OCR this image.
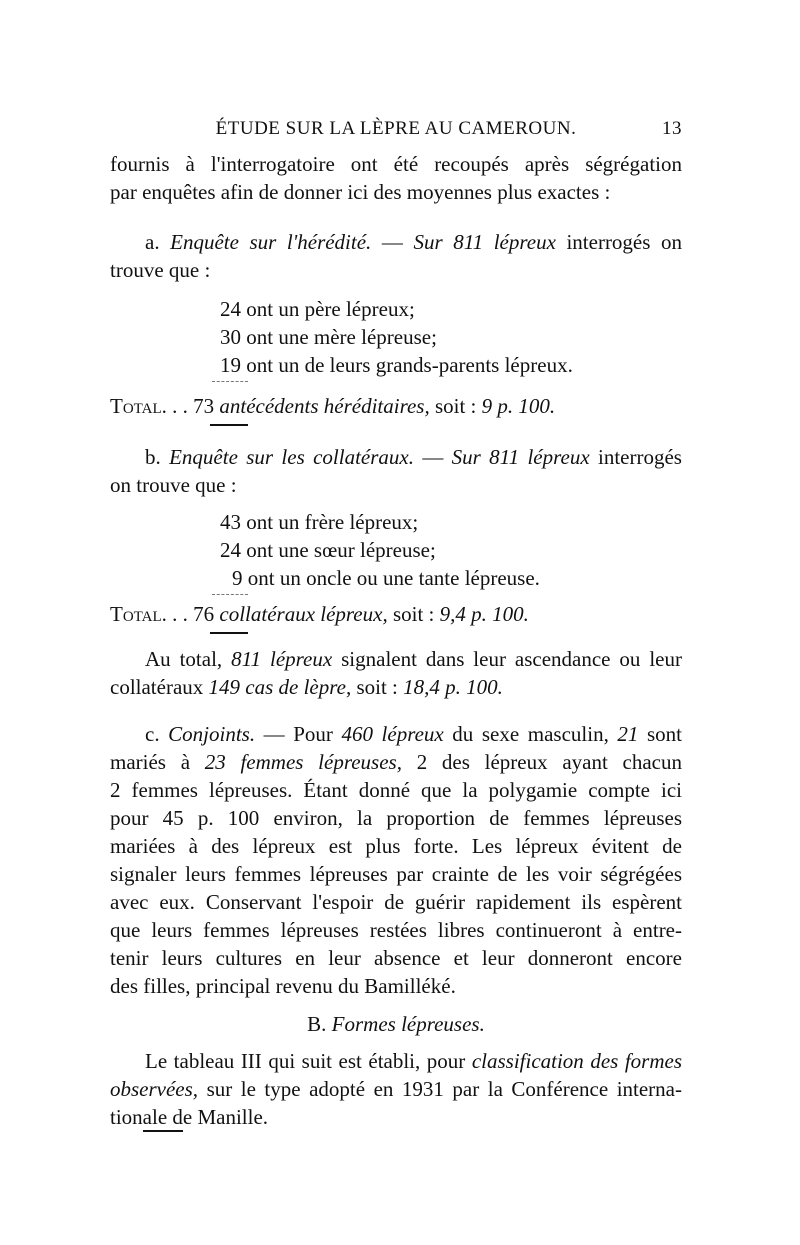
ÉTUDE SUR LA LÈPRE AU CAMEROUN.	13
fournis à l'interrogatoire ont été recoupés après ségrégation
par enquêtes afin de donner ici des moyennes plus exactes :
a. Enquête sur l'hérédité. — Sur 811 lépreux interrogés on
trouve que :
24 ont un père lépreux;
30 ont une mère lépreuse;
19 ont un de leurs grands-parents lépreux.
Total. . . 73 antécédents héréditaires, soit : 9 p. 100.
b. Enquête sur les collatéraux. — Sur 811 lépreux interrogés
on trouve que :
43 ont un frère lépreux;
24 ont une sœur lépreuse;
9 ont un oncle ou une tante lépreuse.
Total. . . 76 collatéraux lépreux, soit : 9,4 p. 100.
Au total, 811 lépreux signalent dans leur ascendance ou leur
collatéraux 149 cas de lèpre, soit : 18,4 p. 100.
c. Conjoints. — Pour 460 lépreux du sexe masculin, 21 sont
mariés à 23 femmes lépreuses, 2 des lépreux ayant chacun
2 femmes lépreuses. Étant donné que la polygamie compte ici
pour 45 p. 100 environ, la proportion de femmes lépreuses
mariées à des lépreux est plus forte. Les lépreux évitent de
signaler leurs femmes lépreuses par crainte de les voir ségrégées
avec eux. Conservant l'espoir de guérir rapidement ils espèrent
que leurs femmes lépreuses restées libres continueront à entre-
tenir leurs cultures en leur absence et leur donneront encore
des filles, principal revenu du Bamilléké.
B. Formes lépreuses.
Le tableau III qui suit est établi, pour classification des formes
observées, sur le type adopté en 1931 par la Conférence interna-
tionale de Manille.
